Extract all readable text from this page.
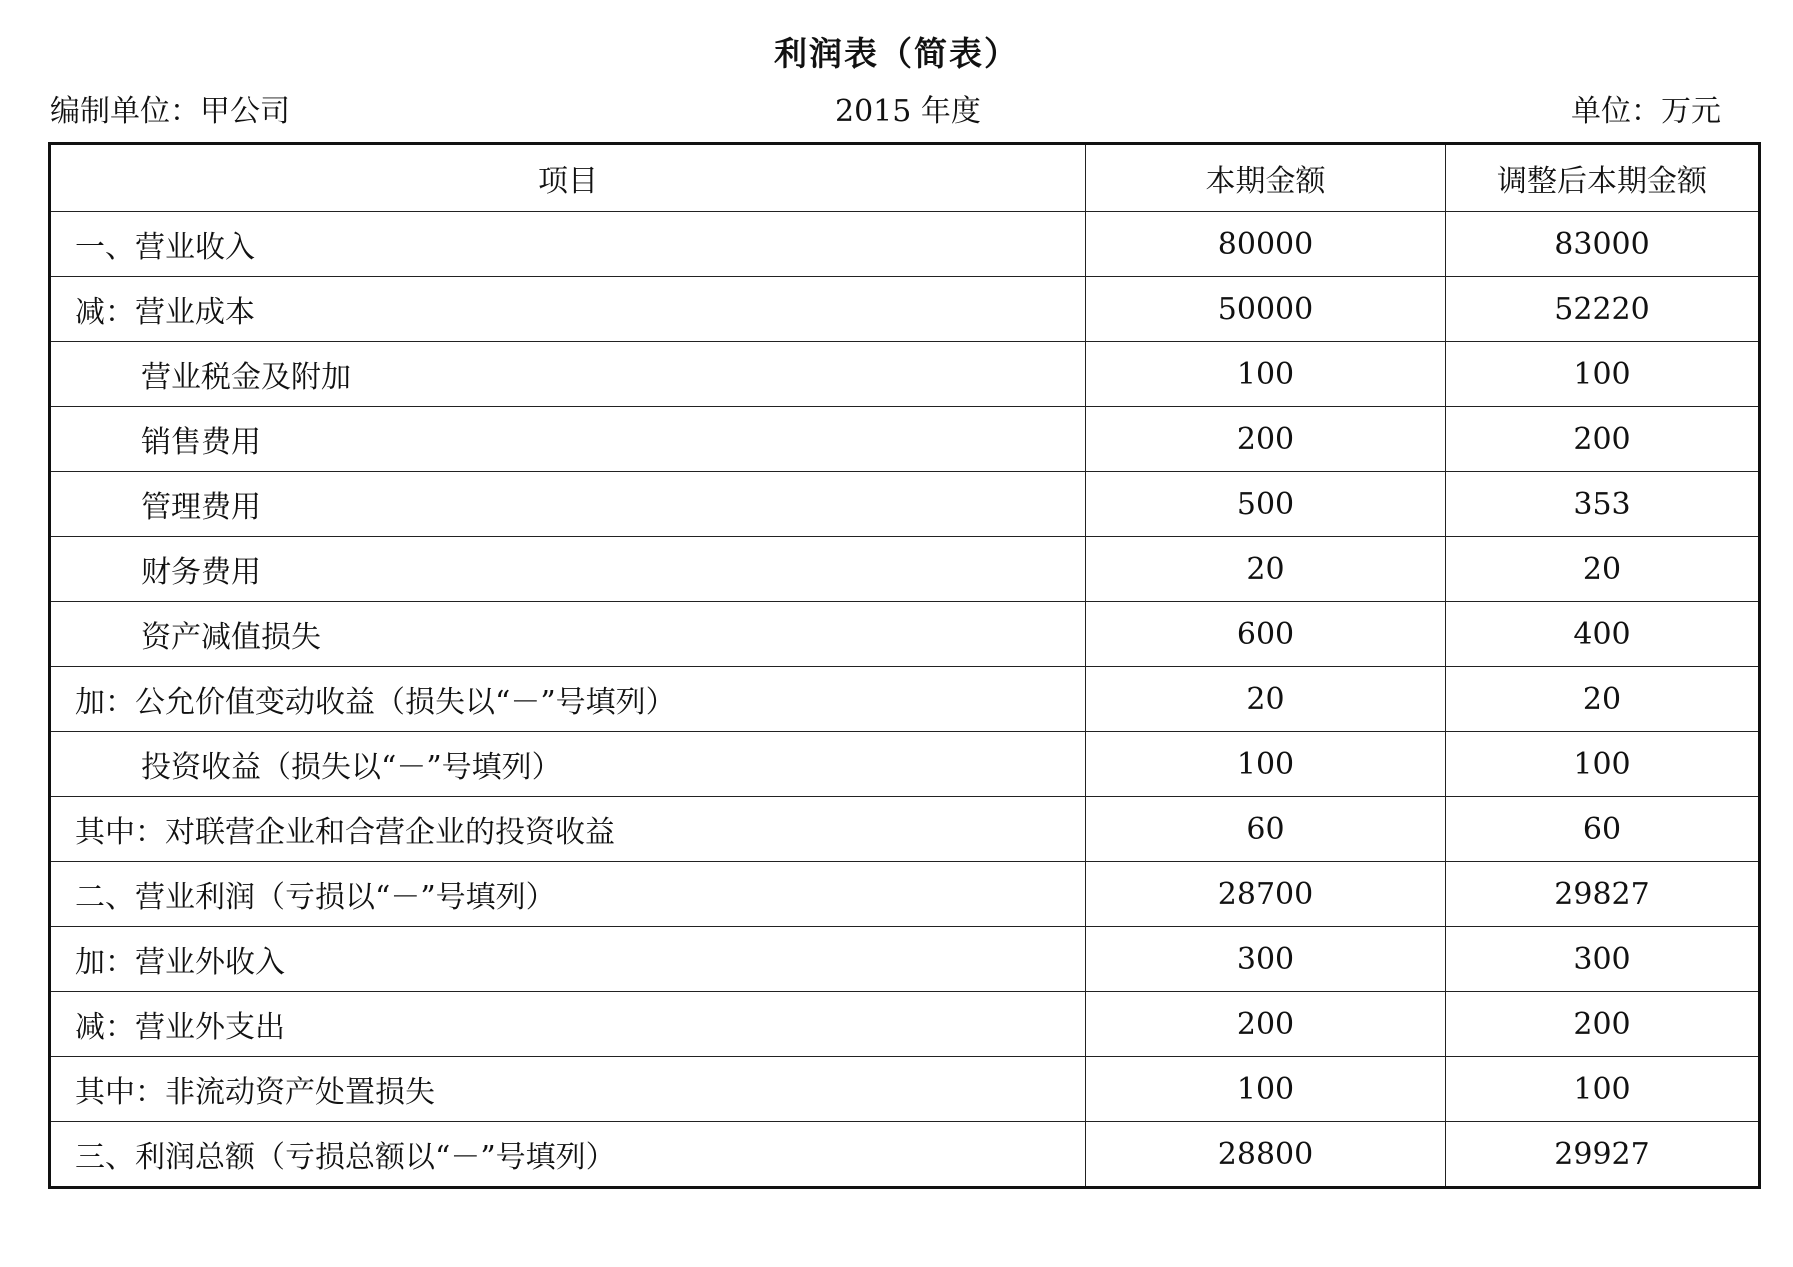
利润表（简表）
编制单位：甲公司	2015 年度	单位：万元
项目	本期金额	调整后本期金额
一、营业收入	80000	83000
减：营业成本	50000	52220
营业税金及附加	100	100
销售费用	200	200
管理费用	500	353
财务费用	20	20
资产减值损失	600	400
加：公允价值变动收益（损失以“－”号填列）	20	20
投资收益（损失以“－”号填列）	100	100
其中：对联营企业和合营企业的投资收益	60	60
二、营业利润（亏损以“－”号填列）	28700	29827
加：营业外收入	300	300
减：营业外支出	200	200
其中：非流动资产处置损失	100	100
三、利润总额（亏损总额以“－”号填列）	28800	29927
